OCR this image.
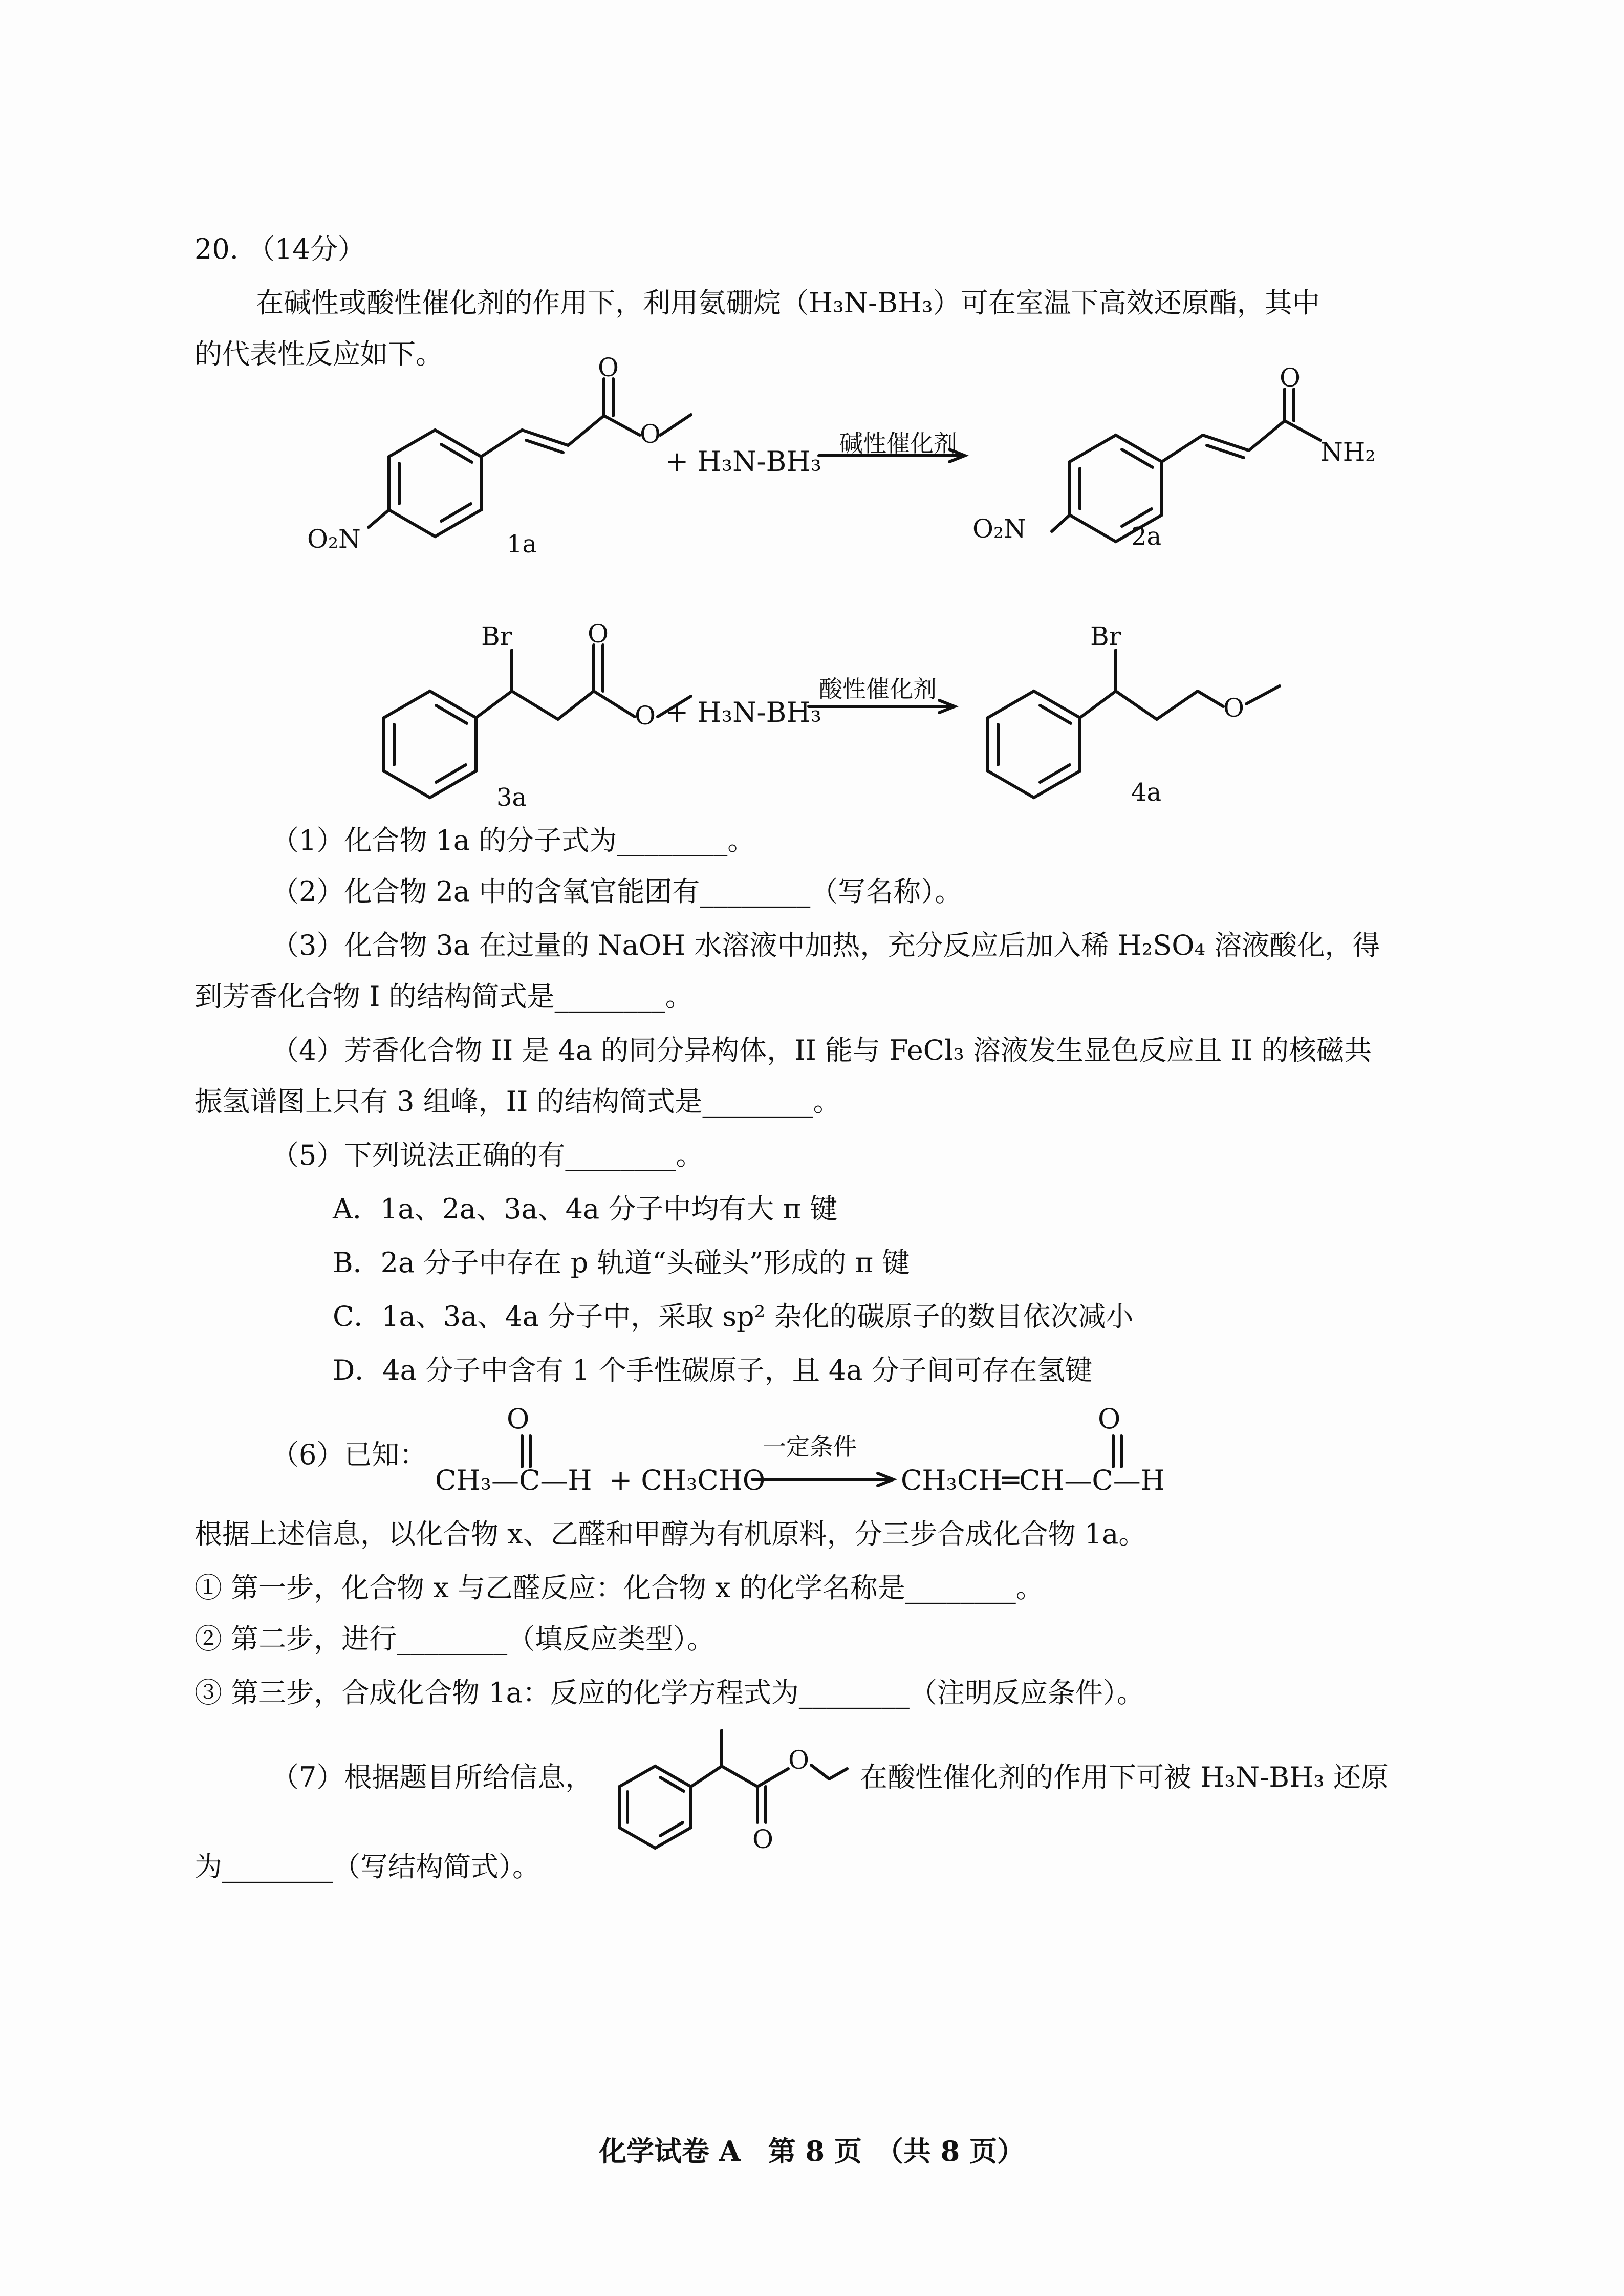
20. （14分）
在碱性或酸性催化剂的作用下，利用氨硼烷（H₃N-BH₃）可在室温下高效还原酯，其中
的代表性反应如下。	O
O
O₂N	1a
+ H₃N-BH₃
碱性催化剂
O
NH₂
O₂N	2a
Br	O
O
3a
+ H₃N-BH₃
酸性催化剂
Br
O
4a
（1）化合物 1a 的分子式为________。
（2）化合物 2a 中的含氧官能团有________（写名称）。
（3）化合物 3a 在过量的 NaOH 水溶液中加热，充分反应后加入稀 H₂SO₄ 溶液酸化，得
到芳香化合物 I 的结构简式是________。
（4）芳香化合物 II 是 4a 的同分异构体，II 能与 FeCl₃ 溶液发生显色反应且 II 的核磁共
振氢谱图上只有 3 组峰，II 的结构简式是________。
（5）下列说法正确的有________。
A．1a、2a、3a、4a 分子中均有大 π 键
B．2a 分子中存在 p 轨道“头碰头”形成的 π 键
C．1a、3a、4a 分子中，采取 sp² 杂化的碳原子的数目依次减小
D．4a 分子中含有 1 个手性碳原子，且 4a 分子间可存在氢键
（6）已知：
O
CH₃—C—H + CH₃CHO
一定条件
O
CH₃CH═CH—C—H
根据上述信息，以化合物 x、乙醛和甲醇为有机原料，分三步合成化合物 1a。
① 第一步，化合物 x 与乙醛反应：化合物 x 的化学名称是________。
② 第二步，进行________（填反应类型）。
③ 第三步，合成化合物 1a：反应的化学方程式为________（注明反应条件）。
（7）根据题目所给信息，
O
O
在酸性催化剂的作用下可被 H₃N-BH₃ 还原
为________（写结构简式）。
化学试卷 A　第 8 页　（共 8 页）
